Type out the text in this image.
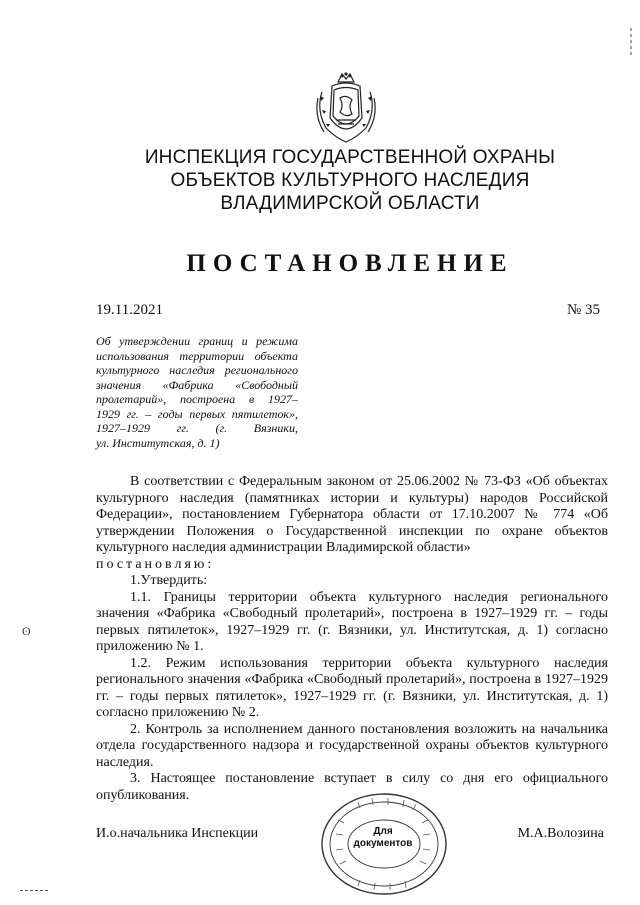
ИНСПЕКЦИЯ ГОСУДАРСТВЕННОЙ ОХРАНЫ
ОБЪЕКТОВ КУЛЬТУРНОГО НАСЛЕДИЯ
ВЛАДИМИРСКОЙ ОБЛАСТИ
ПОСТАНОВЛЕНИЕ
19.11.2021	№ 35
Об утверждении границ и режима
использования территории объекта
культурного наследия регионального
значения «Фабрика «Свободный
пролетарий», построена в 1927–
1929 гг. – годы первых пятилеток»,
1927–1929 гг. (г. Вязники,
ул. Институтская, д. 1)

В соответствии с Федеральным законом от 25.06.2002 № 73-ФЗ «Об объектах культурного наследия (памятниках истории и культуры) народов Российской Федерации», постановлением Губернатора области от 17.10.2007 № 774 «Об утверждении Положения о Государственной инспекции по охране объектов культурного наследия администрации Владимирской области»

постановляю:

1.Утвердить:

1.1. Границы территории объекта культурного наследия регионального значения «Фабрика «Свободный пролетарий», построена в 1927–1929 гг. – годы первых пятилеток», 1927–1929 гг. (г. Вязники, ул. Институтская, д. 1) согласно приложению № 1.

1.2. Режим использования территории объекта культурного наследия регионального значения «Фабрика «Свободный пролетарий», построена в 1927–1929 гг. – годы первых пятилеток», 1927–1929 гг. (г. Вязники, ул. Институтская, д. 1) согласно приложению № 2.

2. Контроль за исполнением данного постановления возложить на начальника отдела государственного надзора и государственной охраны объектов культурного наследия.

3. Настоящее постановление вступает в силу со дня его официального опубликования.

И.о.начальника Инспекции	М.А.Волозина
Для
документов
ʘ
